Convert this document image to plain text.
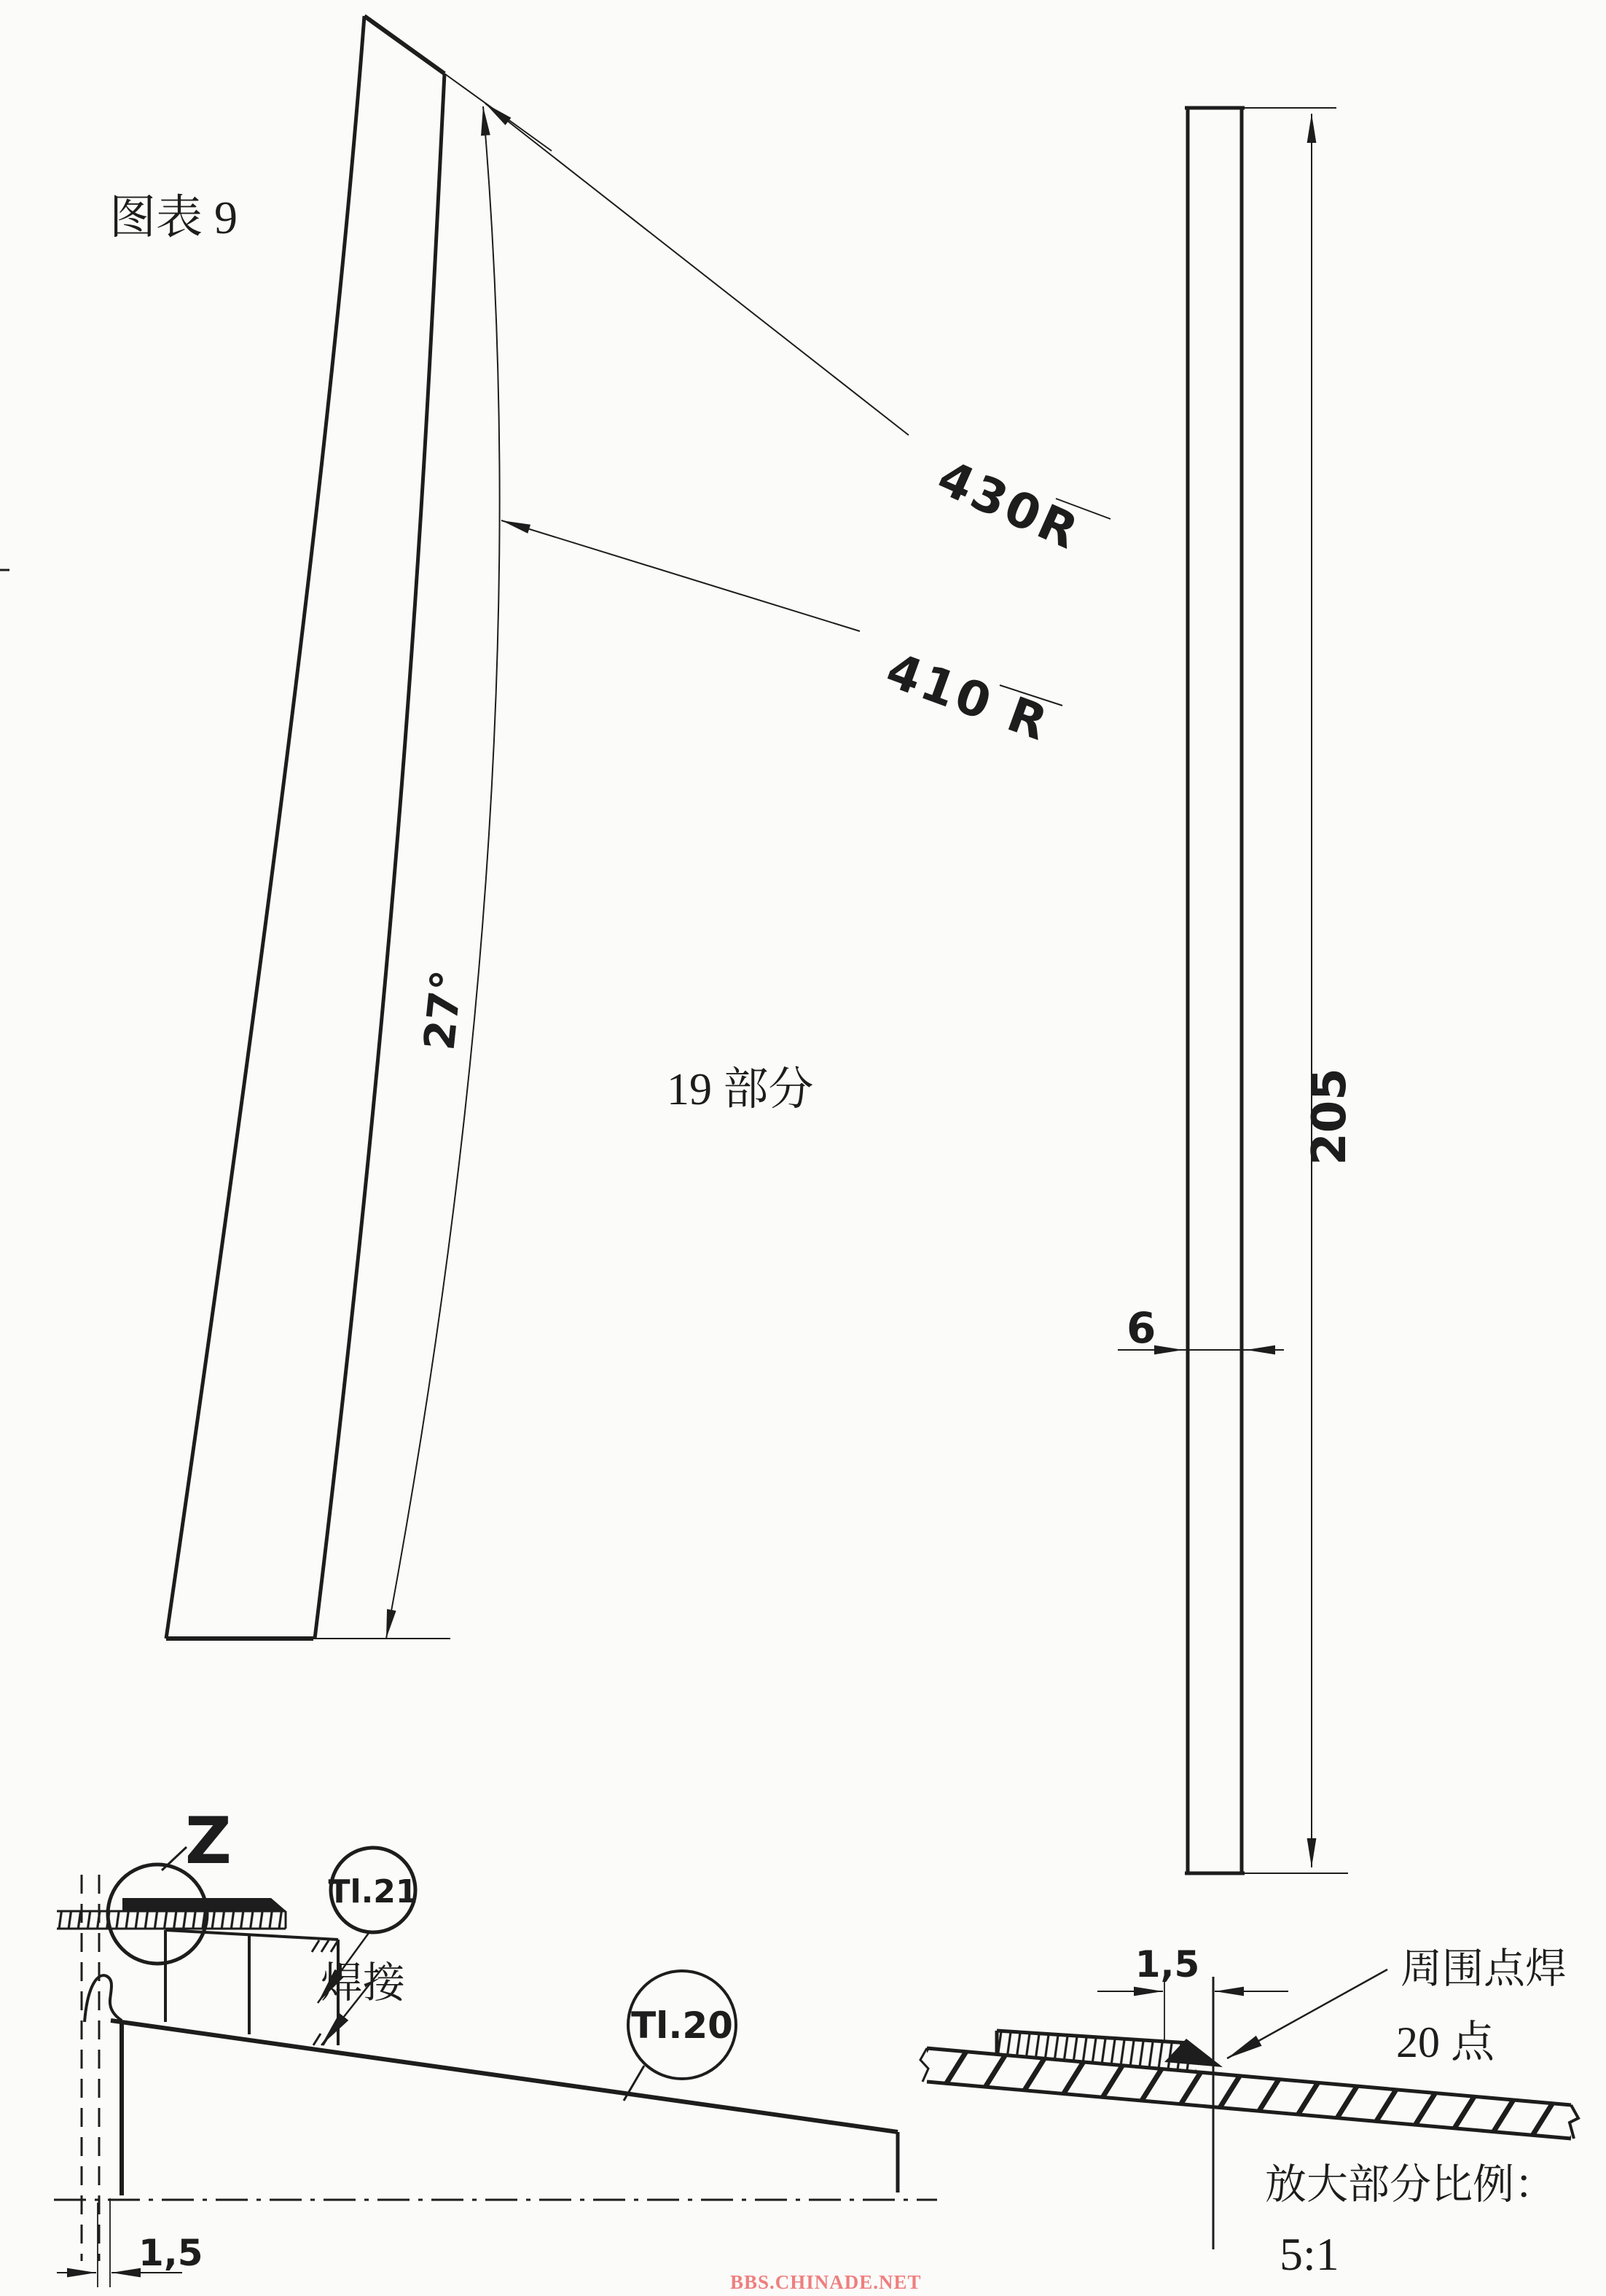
图表 9
430R
410 R
27°
19 部分	205
6
Z
Tl.21
焊接
Tl.20
1,5
1,5	周围点焊
20 点
放大部分比例：
5:1
BBS.CHINADE.NET
